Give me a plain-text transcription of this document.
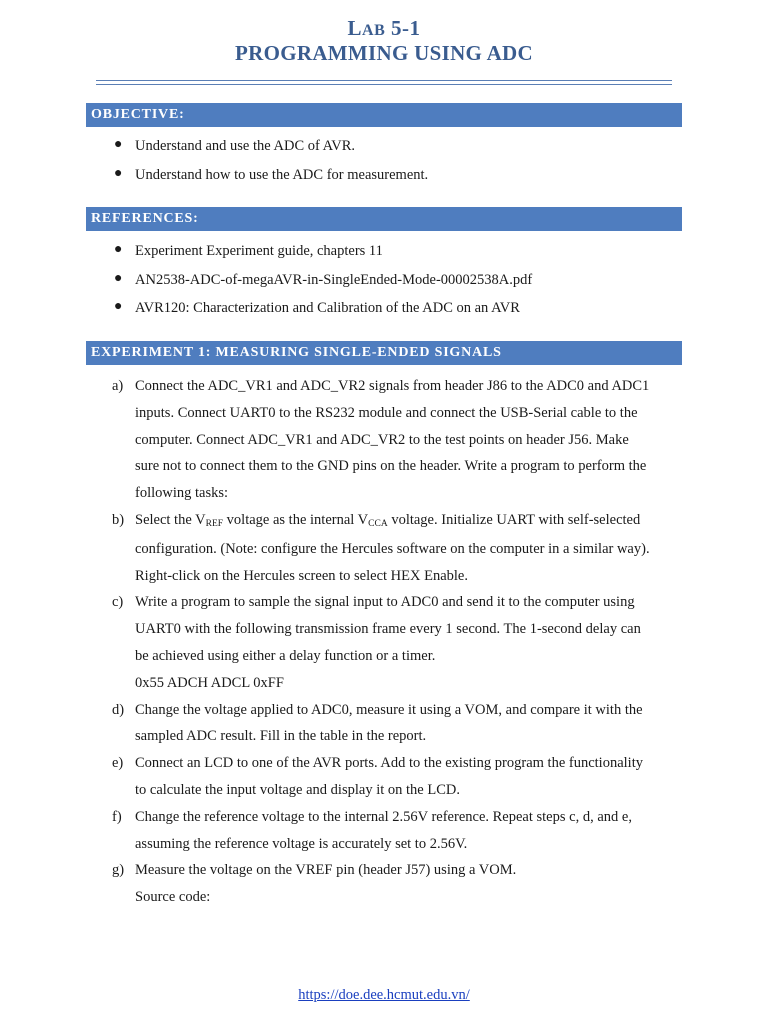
LAB 5-1
PROGRAMMING USING ADC
OBJECTIVE:
● Understand and use the ADC of AVR.
● Understand how to use the ADC for measurement.
REFERENCES:
● Experiment Experiment guide, chapters 11
● AN2538-ADC-of-megaAVR-in-SingleEnded-Mode-00002538A.pdf
● AVR120: Characterization and Calibration of the ADC on an AVR
EXPERIMENT 1: MEASURING SINGLE-ENDED SIGNALS
a) Connect the ADC_VR1 and ADC_VR2 signals from header J86 to the ADC0 and ADC1
inputs. Connect UART0 to the RS232 module and connect the USB-Serial cable to the
computer. Connect ADC_VR1 and ADC_VR2 to the test points on header J56. Make
sure not to connect them to the GND pins on the header. Write a program to perform the
following tasks:
b) Select the VREF voltage as the internal VCCA voltage. Initialize UART with self-selected
configuration. (Note: configure the Hercules software on the computer in a similar way).
Right-click on the Hercules screen to select HEX Enable.
c) Write a program to sample the signal input to ADC0 and send it to the computer using
UART0 with the following transmission frame every 1 second. The 1-second delay can
be achieved using either a delay function or a timer.
0x55 ADCH ADCL 0xFF
d) Change the voltage applied to ADC0, measure it using a VOM, and compare it with the
sampled ADC result. Fill in the table in the report.
e) Connect an LCD to one of the AVR ports. Add to the existing program the functionality
to calculate the input voltage and display it on the LCD.
f) Change the reference voltage to the internal 2.56V reference. Repeat steps c, d, and e,
assuming the reference voltage is accurately set to 2.56V.
g) Measure the voltage on the VREF pin (header J57) using a VOM.
Source code:
https://doe.dee.hcmut.edu.vn/
